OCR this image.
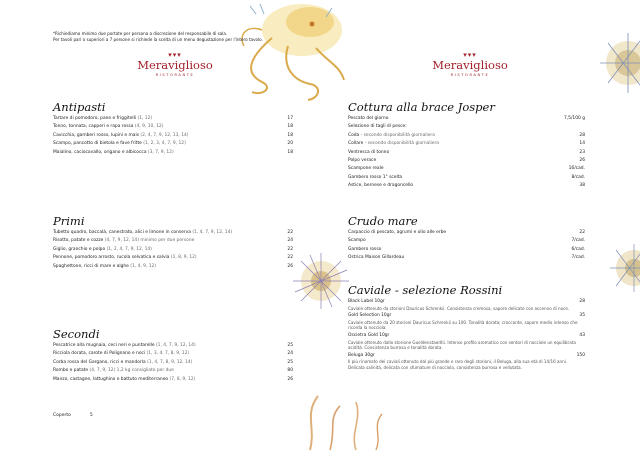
*Richiediamo minimo due portate per persona a discrezione del responsabile di sala.
Per tavoli pari o superiori a 7 persone si richiede la scelta di un menu degustazione per l'intero tavolo.
▾▾▾
Meraviglioso
RISTORANTE
▾▾▾
Meraviglioso
RISTORANTE
Antipasti
Tartare di pomodoro, pane e friggitelli (1, 12)	17
Tonno, tonnata, capperi e rapa rossa (4, 9, 10, 12)	18
Cavicchia, gamberi rosso, lupini e mais (2, 4, 7, 9, 12, 13, 14)	18
Scampo, pancotto di bietola e fave fritte (1, 2, 3, 4, 7, 9, 12)	20
Maialino, caciocavallo, origano e albicocca (3, 7, 9, 12)	18
Primi
Tubetto quadro, baccalà, canestrato, alici e limone in conserva (1, 4, 7, 9, 12, 14)	22
Risotto, patate e cozze (4, 7, 9, 12, 14) minimo per due persone	24
Giglio, granchio e polpo (1, 2, 4, 7, 9, 12, 14)	22
Pennone, pomodoro arrosto, rucola selvatica e salvia (1, 8, 9, 12)	22
Spaghettone, ricci di mare e alghe (1, 4, 9, 12)	26
Secondi
Pescatrice alla mugnaia, ceci neri e puntarelle (1, 4, 7, 9, 12, 14)	25
Ricciola dorata, carote di Polignano e noci (1, 3, 4, 7, 8, 9, 12)	24
Corba rossa del Gargano, ricci e mandorla (1, 4, 7, 8, 9, 12, 14)	25
Rombo e patate (4, 7, 9, 12) 1,2 kg consigliato per due	80
Manzo, castagne, lattughino e battuto mediterraneo (7, 8, 9, 12)	26
Coperto	5
Cottura alla brace Josper
Pescato del giorno	7,5/100 g
Selezione di tagli di pesce:
Coda - secondo disponibilità giornaliera	28
Collare - secondo disponibilità giornaliera	14
Ventresca di tonno	23
Polpo verace	26
Scampone reale	16/cad.
Gambero rosso 1° scelta	8/cad.
Astice, bernese e dragoncello	38
Crudo mare
Carpaccio di pescato, agrumi e olio alle erbe	22
Scampo	7/cad.
Gambero rosso	6/cad.
Ostrica Maison Gillardeau	7/cad.
Caviale - selezione Rossini
Black Label 10gr	28
Caviale ottenuto da storioni Dauricus Schrenkii. Consistenza cremosa, sapore delicato con accenno di noce.
Gold Selection 10gr	35
Caviale ottenuto da 20 storioni Dauricus Schrenkii su 100. Tonalità dorata; croccante, sapore medio intenso che ricorda la nocciola.
Oscietra Gold 10gr	43
Caviale ottenuto dallo storione Gueldenstaedtii. Intenso profilo aromatico con sentori di nocciole un equilibrata acidità. Consistenza burrosa e tonalità dorata.
Beluga 30gr	150
Il più rinomato dei caviali ottenuto dal più grande e raro degli storioni, il Beluga, alla sua età di 14/16 anni. Delicata salinità, delicata con sfumature di nocciola, consistenza burrosa e vellutata.
